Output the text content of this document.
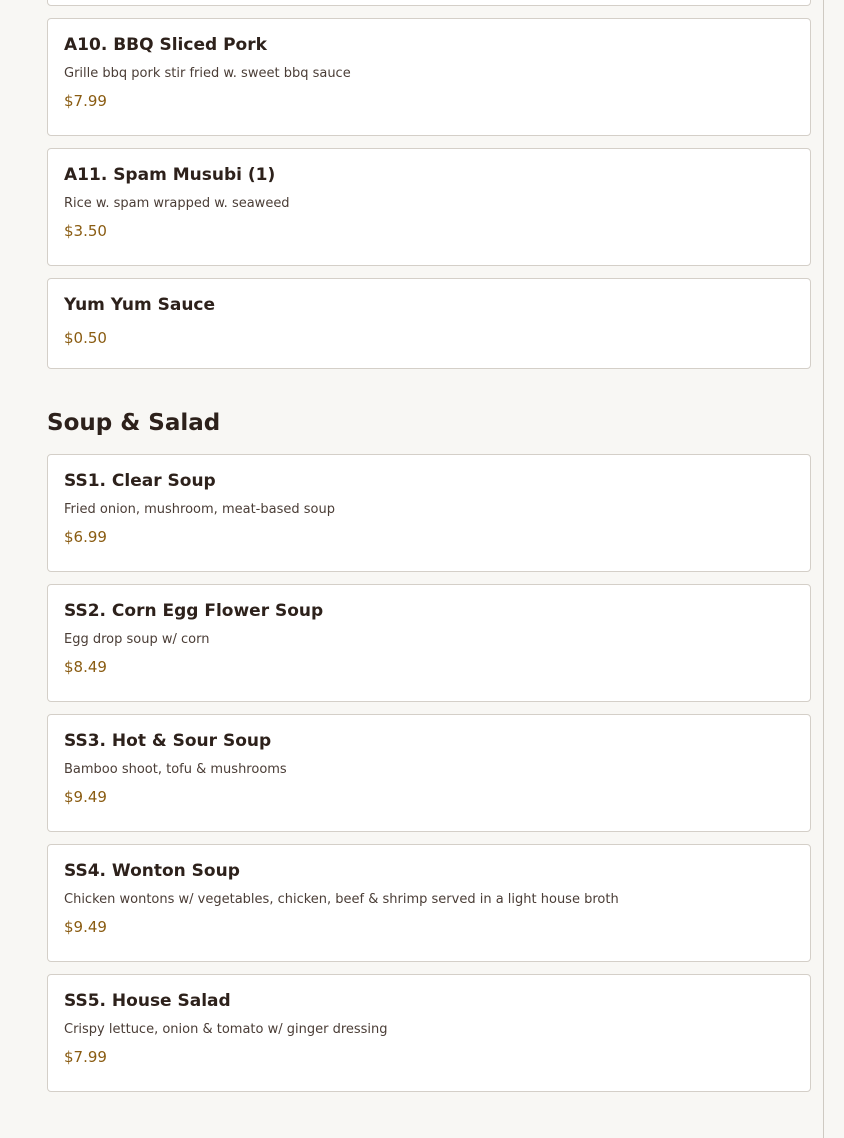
A10. BBQ Sliced Pork
Grille bbq pork stir fried w. sweet bbq sauce
$7.99
A11. Spam Musubi (1)
Rice w. spam wrapped w. seaweed
$3.50
Yum Yum Sauce
$0.50
Soup & Salad
SS1. Clear Soup
Fried onion, mushroom, meat-based soup
$6.99
SS2. Corn Egg Flower Soup
Egg drop soup w/ corn
$8.49
SS3. Hot & Sour Soup
Bamboo shoot, tofu & mushrooms
$9.49
SS4. Wonton Soup
Chicken wontons w/ vegetables, chicken, beef & shrimp served in a light house broth
$9.49
SS5. House Salad
Crispy lettuce, onion & tomato w/ ginger dressing
$7.99
